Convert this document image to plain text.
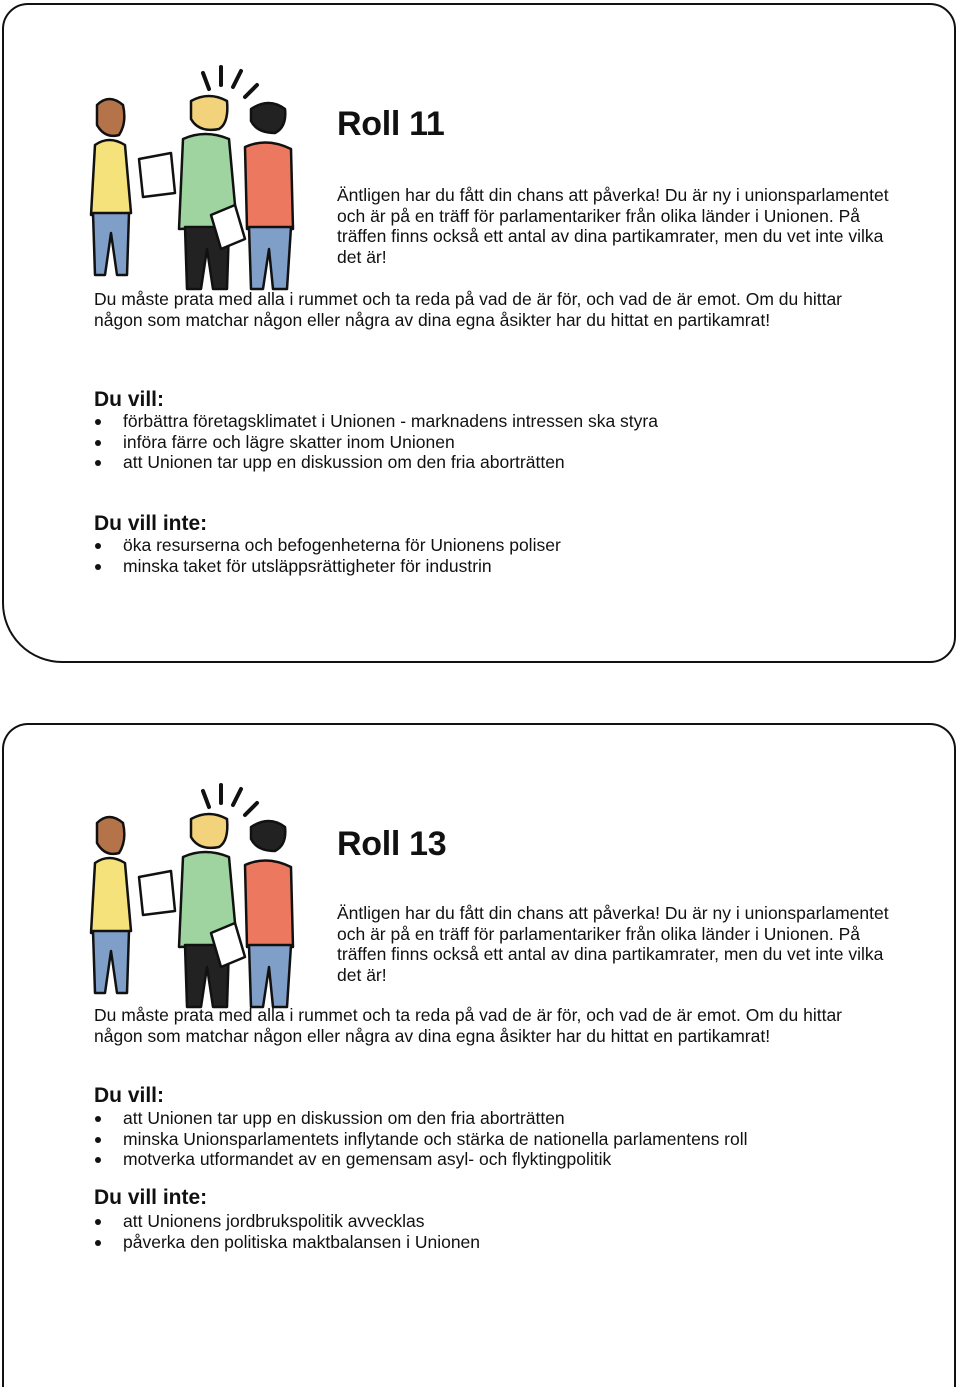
Roll 11

Äntligen har du fått din chans att påverka! Du är ny i unionsparlamentet och är på en träff för parlamentariker från olika länder i Unionen. På träffen finns också ett antal av dina partikamrater, men du vet inte vilka det är!

Du måste prata med alla i rummet och ta reda på vad de är för, och vad de är emot. Om du hittar någon som matchar någon eller några av dina egna åsikter har du hittat en partikamrat!

Du vill:
förbättra företagsklimatet i Unionen - marknadens intressen ska styra
införa färre och lägre skatter inom Unionen
att Unionen tar upp en diskussion om den fria aborträtten
Du vill inte:
öka resurserna och befogenheterna för Unionens poliser
minska taket för utsläppsrättigheter för industrin
Roll 13

Äntligen har du fått din chans att påverka! Du är ny i unionsparlamentet och är på en träff för parlamentariker från olika länder i Unionen. På träffen finns också ett antal av dina partikamrater, men du vet inte vilka det är!

Du måste prata med alla i rummet och ta reda på vad de är för, och vad de är emot. Om du hittar någon som matchar någon eller några av dina egna åsikter har du hittat en partikamrat!

Du vill:
att Unionen tar upp en diskussion om den fria aborträtten
minska Unionsparlamentets inflytande och stärka de nationella parlamentens roll
motverka utformandet av en gemensam asyl- och flyktingpolitik
Du vill inte:
att Unionens jordbrukspolitik avvecklas
påverka den politiska maktbalansen i Unionen
